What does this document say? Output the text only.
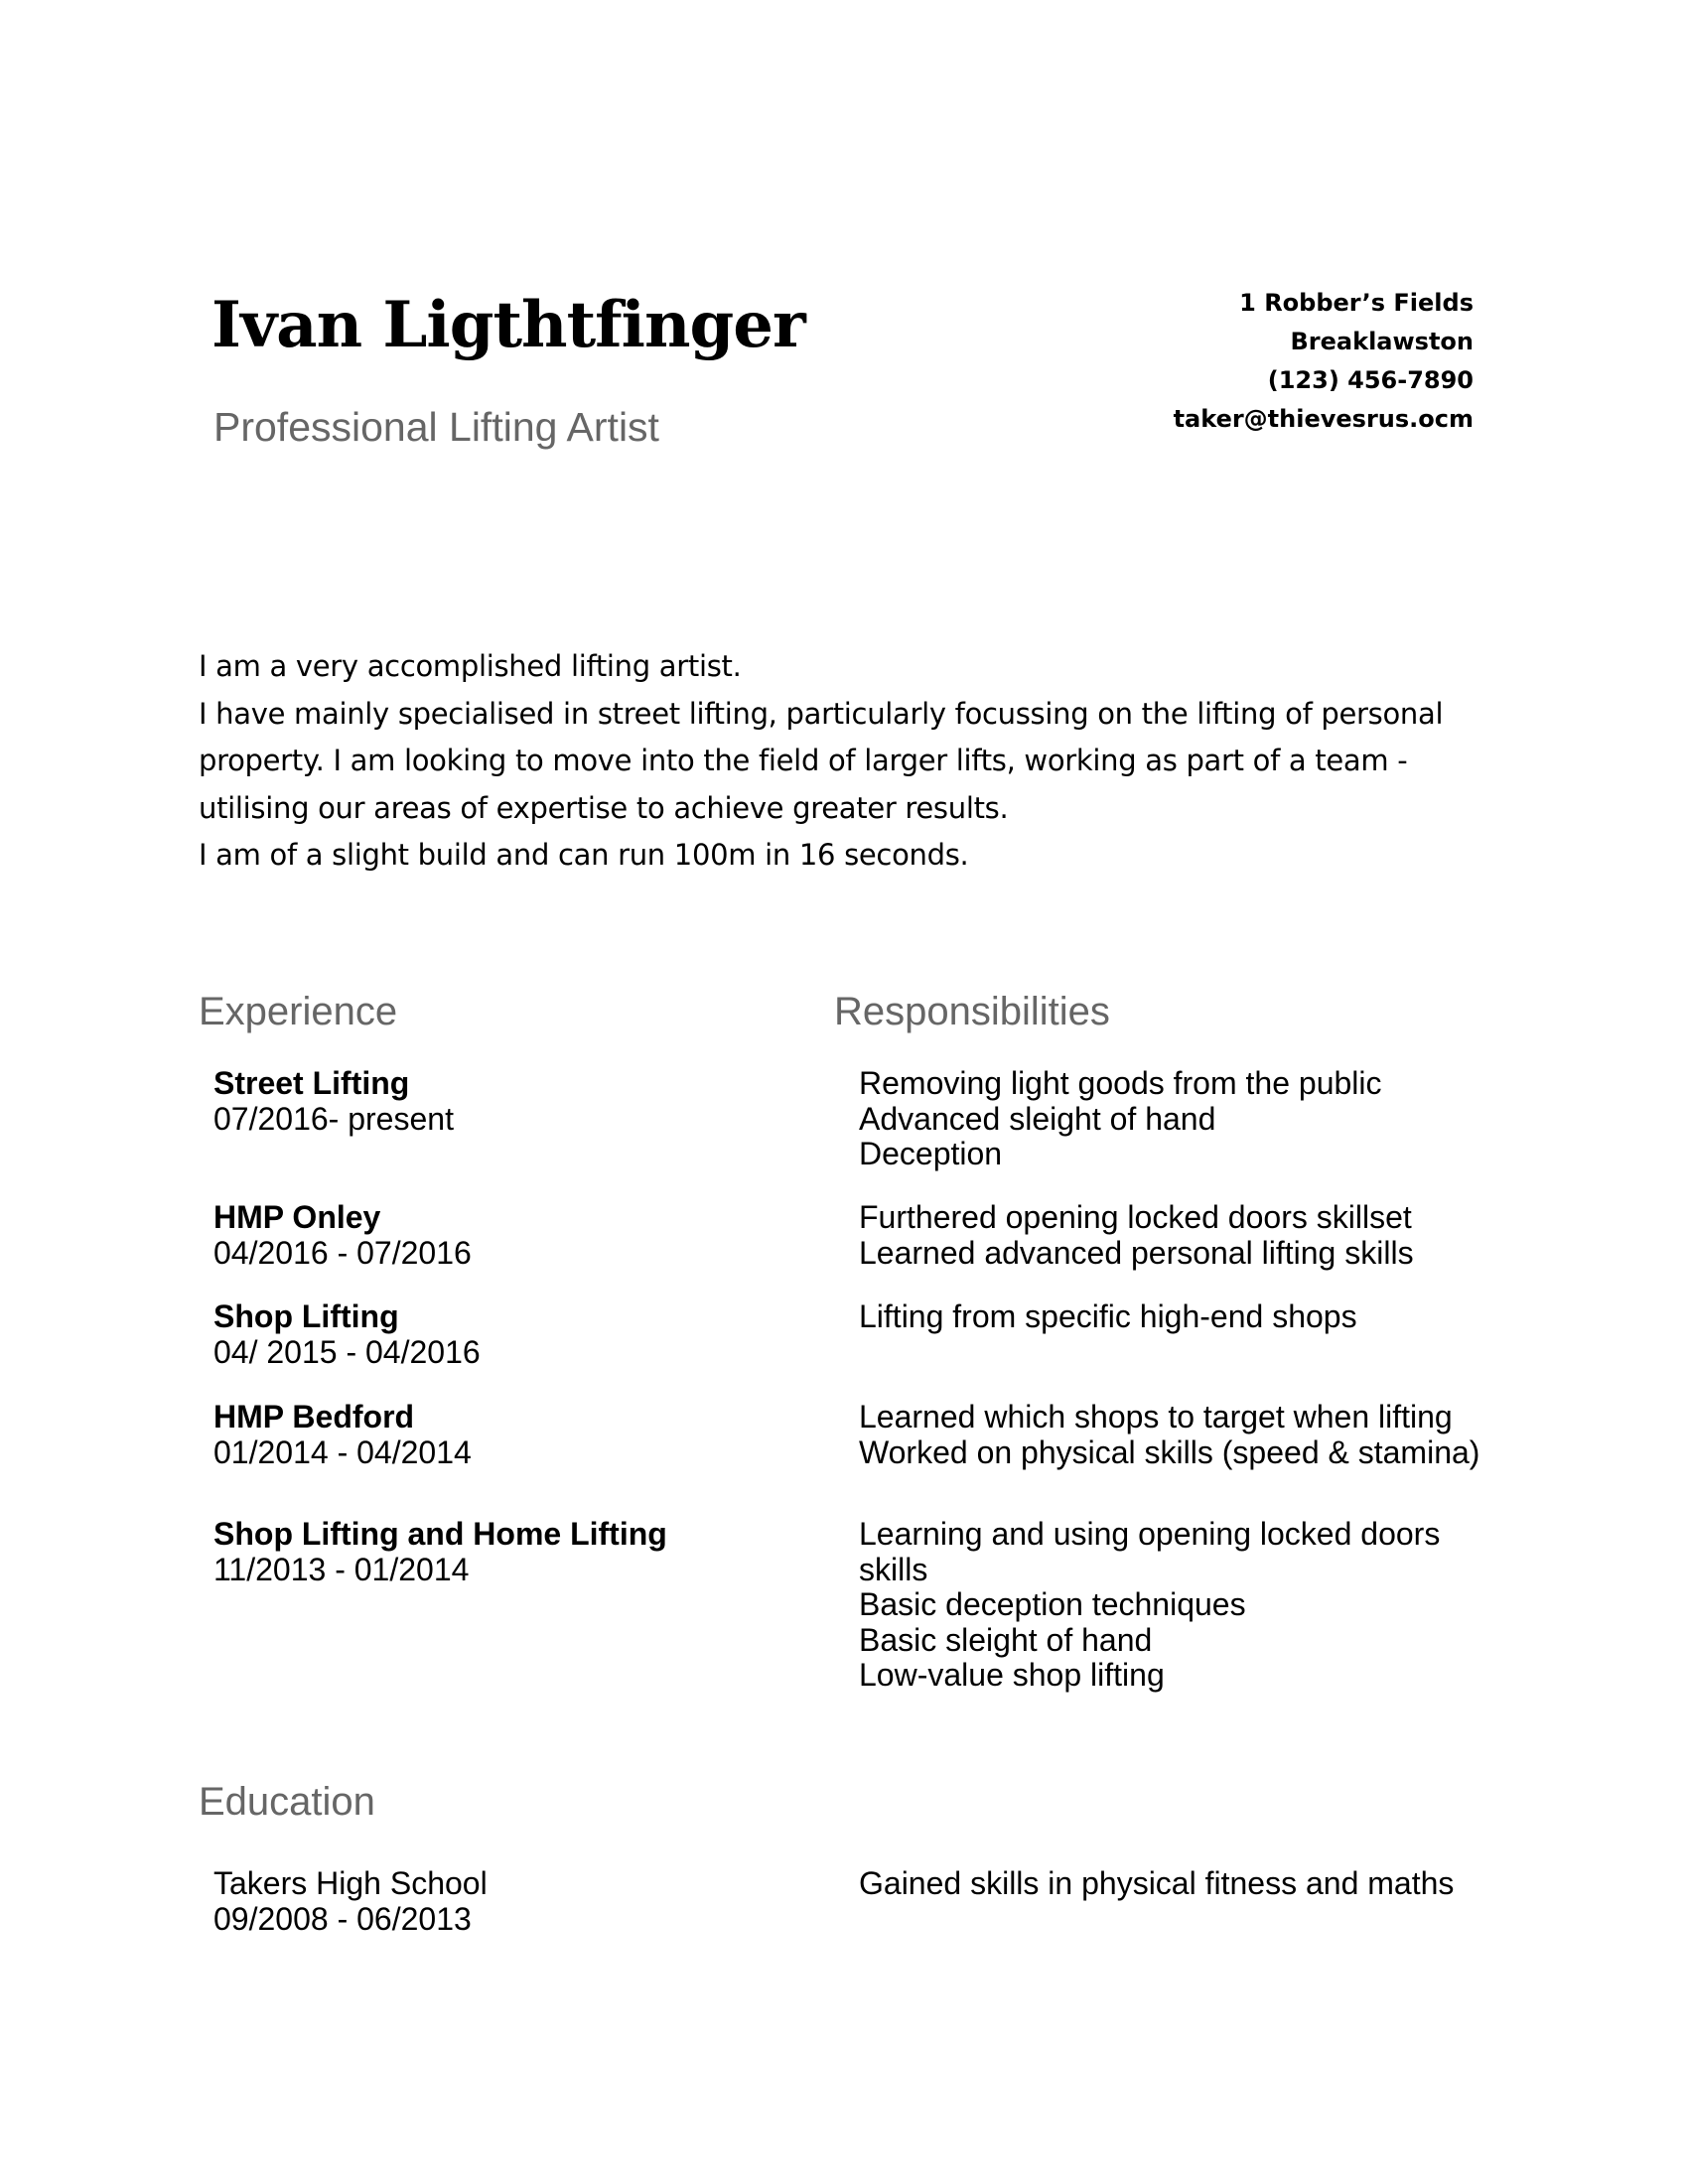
Ivan Ligthtfinger
Professional Lifting Artist
1 Robber’s Fields
Breaklawston
(123) 456-7890
taker@thievesrus.ocm
I am a very accomplished lifting artist.
I have mainly specialised in street lifting, particularly focussing on the lifting of personal
property. I am looking to move into the field of larger lifts, working as part of a team -
utilising our areas of expertise to achieve greater results.
I am of a slight build and can run 100m in 16 seconds.
Experience	Responsibilities
Street Lifting
07/2016- present
Removing light goods from the public
Advanced sleight of hand
Deception
HMP Onley
04/2016 - 07/2016
Furthered opening locked doors skillset
Learned advanced personal lifting skills
Shop Lifting
04/ 2015 - 04/2016
Lifting from specific high-end shops
HMP Bedford
01/2014 - 04/2014
Learned which shops to target when lifting
Worked on physical skills (speed & stamina)
Shop Lifting and Home Lifting
11/2013 - 01/2014
Learning and using opening locked doors
skills
Basic deception techniques
Basic sleight of hand
Low-value shop lifting
Education
Takers High School
09/2008 - 06/2013
Gained skills in physical fitness and maths
